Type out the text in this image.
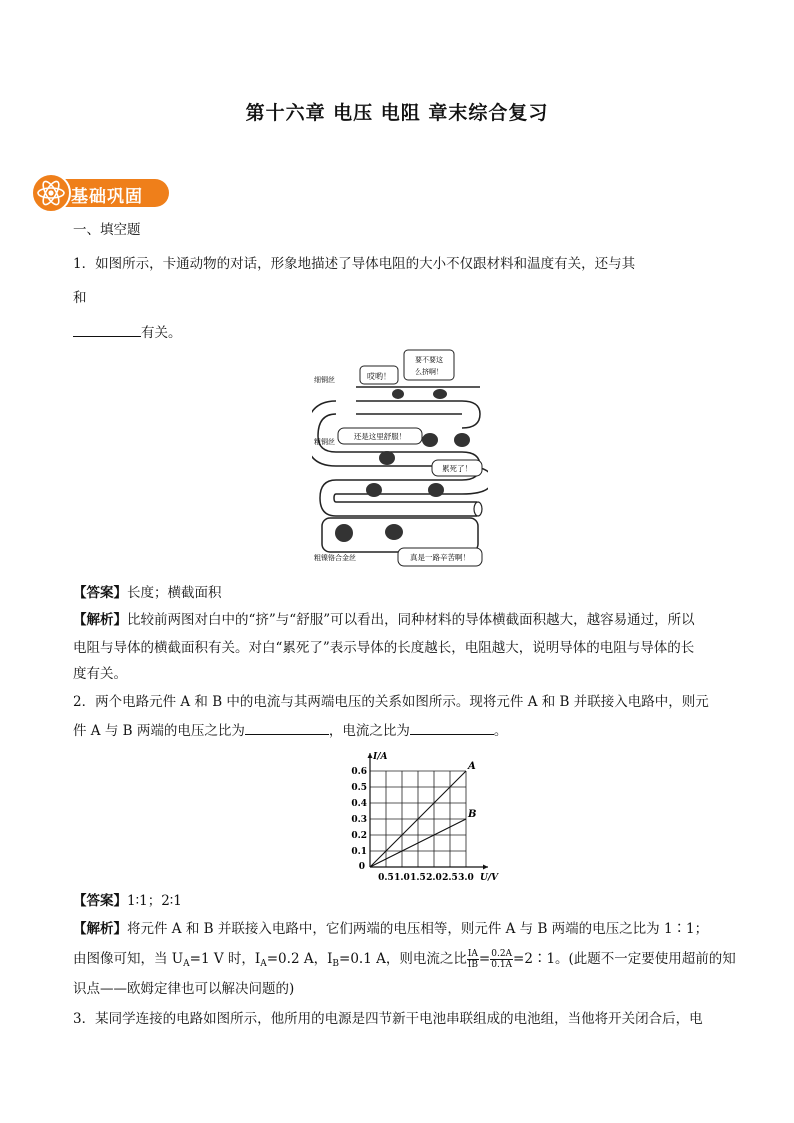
第十六章 电压 电阻 章末综合复习
基础巩固
一、填空题
1．如图所示，卡通动物的对话，形象地描述了导体电阻的大小不仅跟材料和温度有关，还与其
和
有关。
哎哟！
要不要这
么挤啊！
还是这里舒服！
累死了！
真是一路辛苦啊！
细铜丝
粗铜丝
粗镍铬合金丝
【答案】长度；横截面积
【解析】比较前两图对白中的“挤”与“舒服”可以看出，同种材料的导体横截面积越大，越容易通过，所以
电阻与导体的横截面积有关。对白“累死了”表示导体的长度越长，电阻越大，说明导体的电阻与导体的长
度有关。
2．两个电路元件 A 和 B 中的电流与其两端电压的关系如图所示。现将元件 A 和 B 并联接入电路中，则元
件 A 与 B 两端的电压之比为	，电流之比为	。
0.5 1.0 1.5 2.0 2.5 3.0
0.1
0.2
0.3
0.4
0.5
0.6
0
U/V
I/A
A
B
【答案】1∶1；2∶1
【解析】将元件 A 和 B 并联接入电路中，它们两端的电压相等，则元件 A 与 B 两端的电压之比为 1∶1；
由图像可知，当 $U_A=1$ V 时，$I_A=0.2$ A，$I_B=0.1$ A，则电流之比 $\frac{IA}{IB} = \frac{0.2A}{0.1A}$ =2∶1。(此题不一定要使用超前的知
识点——欧姆定律也可以解决问题的)
3．某同学连接的电路如图所示，他所用的电源是四节新干电池串联组成的电池组，当他将开关闭合后，电
